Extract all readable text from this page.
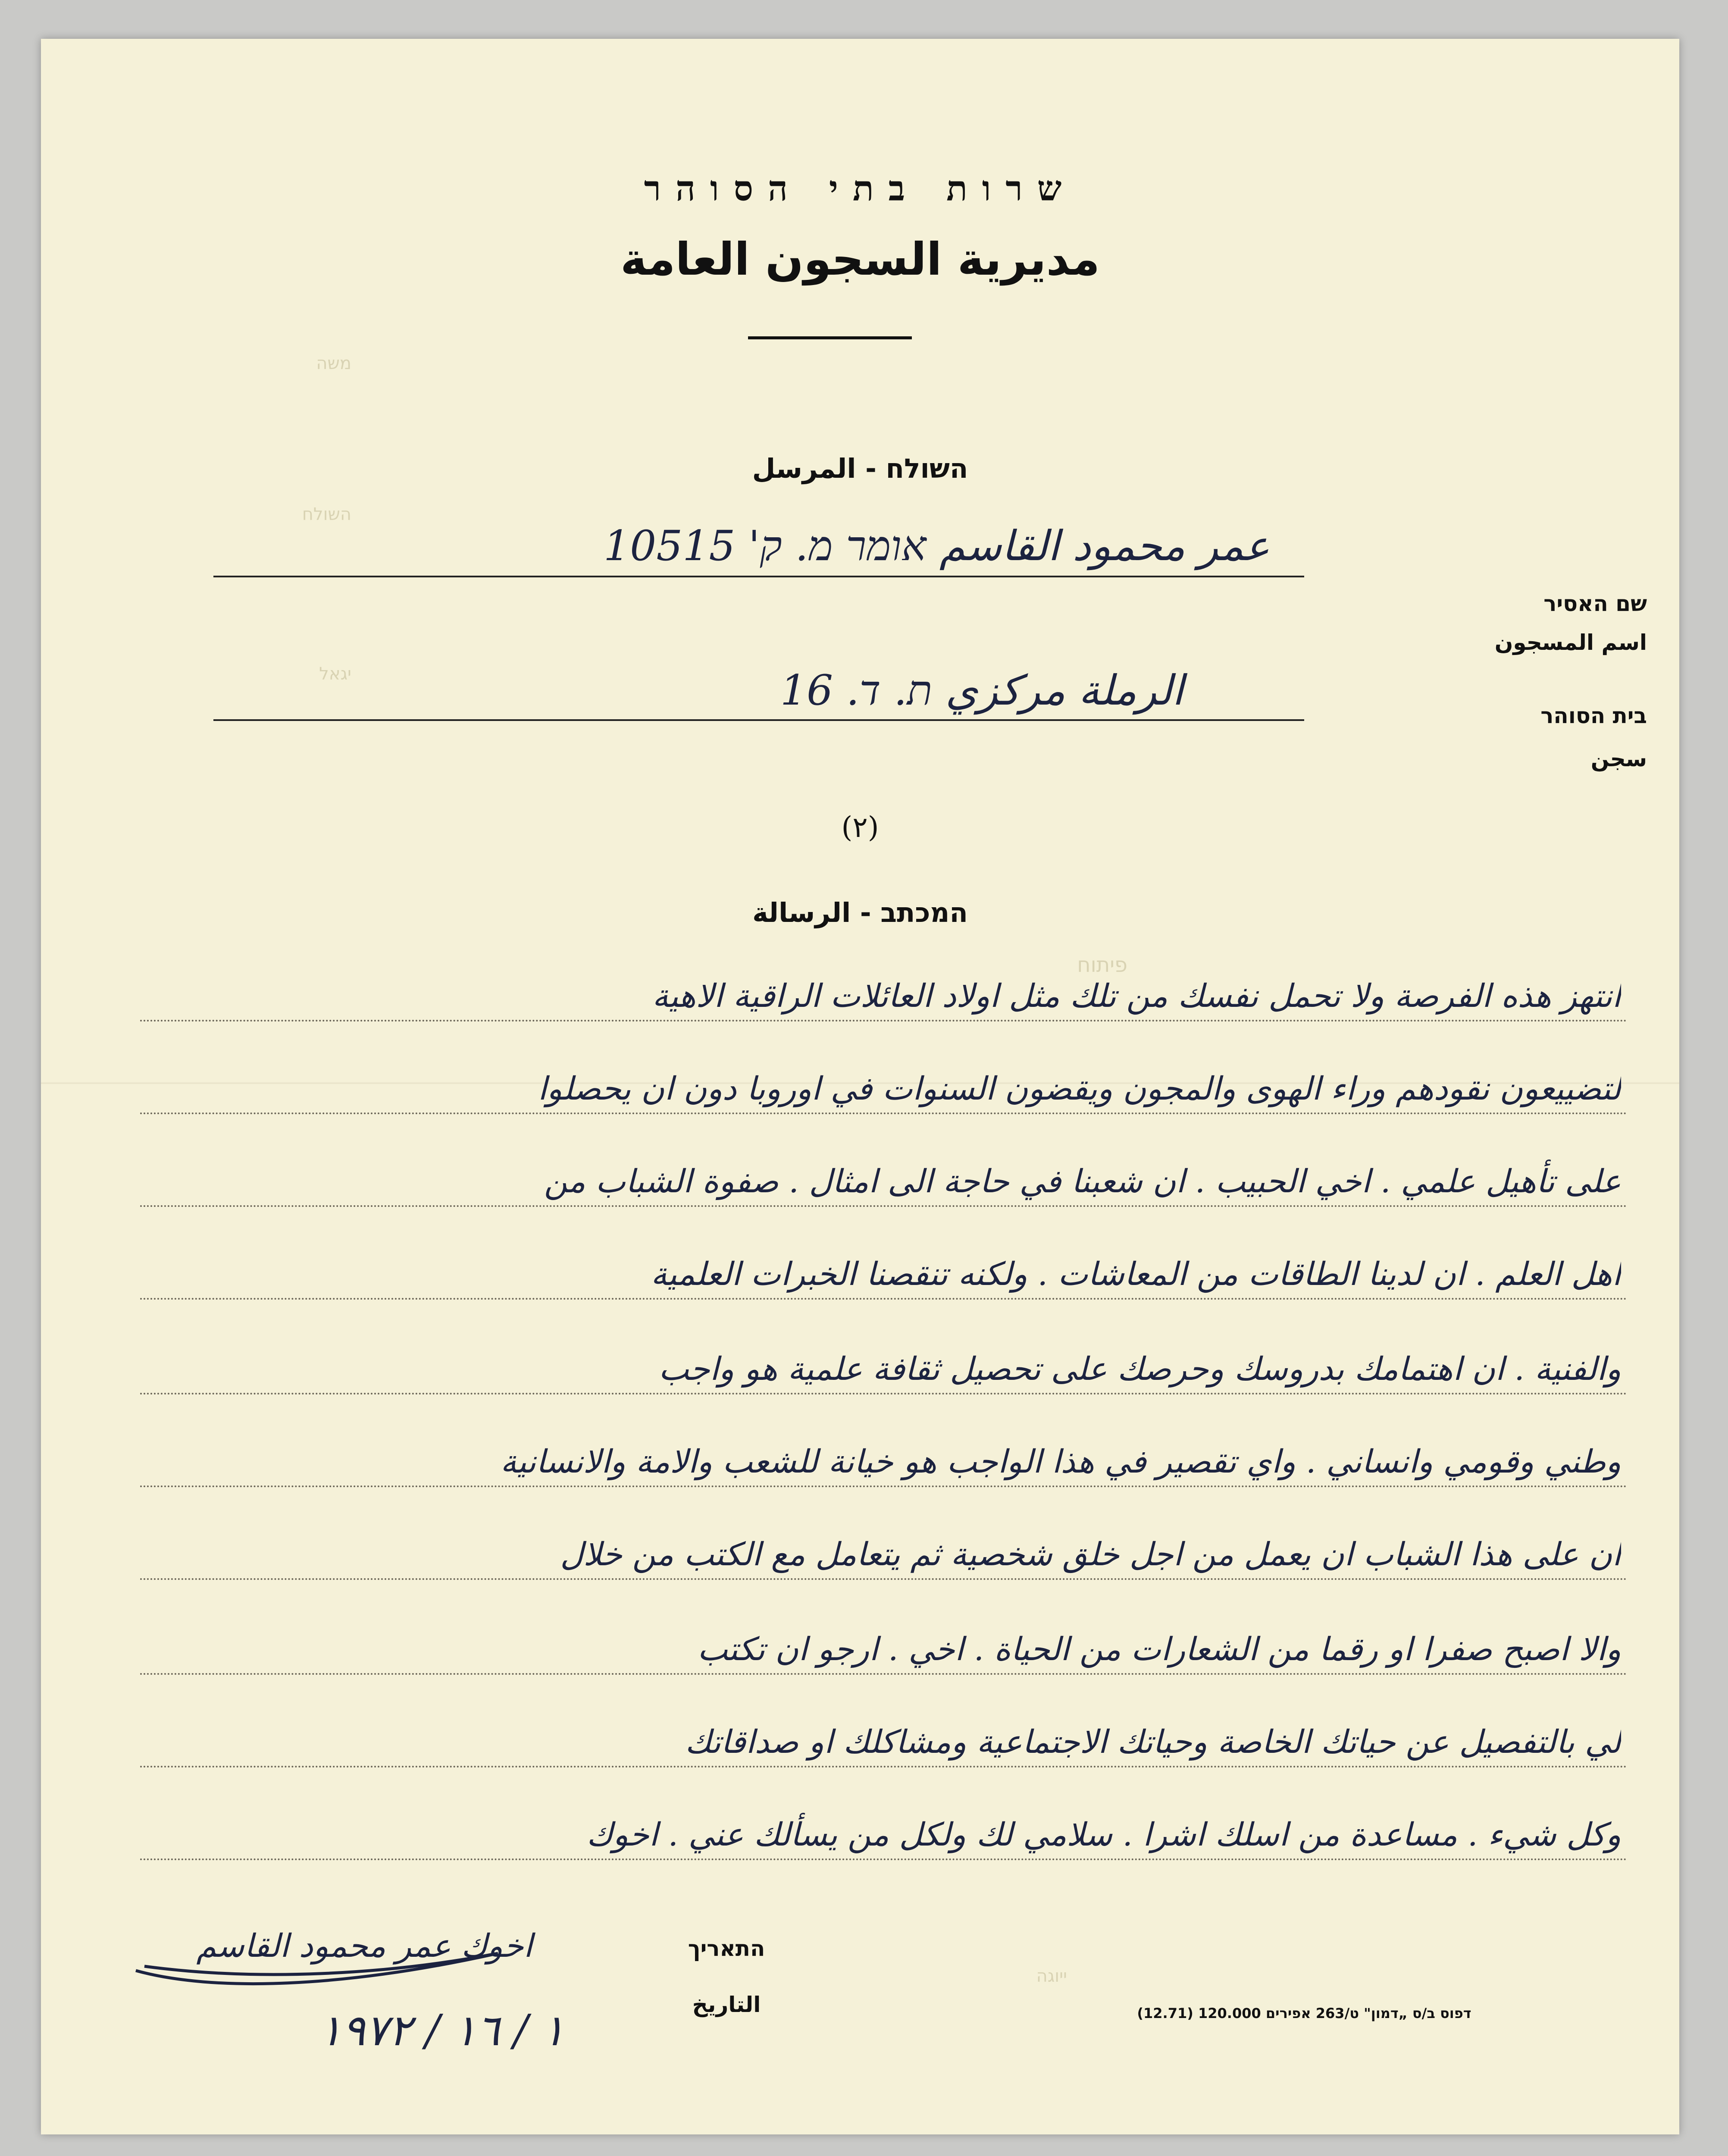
משה
השולח
יגאל
פיתוח
ייוגה
שרות בתי הסוהר
مديرية السجون العامة
השולח - المرسل
שם האסיר
اسم المسجون
عمر محمود القاسم אומר מ. ק' 10515
בית הסוהר
سجن
الرملة مركزي ת. ד. 16
(٢)
המכתב - الرسالة
انتهز هذه الفرصة ولا تحمل نفسك من تلك مثل اولاد العائلات الراقية الاهية
لتضييعون نقودهم وراء الهوى والمجون ويقضون السنوات في اوروبا دون ان يحصلوا
على تأهيل علمي . اخي الحبيب . ان شعبنا في حاجة الى امثال . صفوة الشباب من
اهل العلم . ان لدينا الطاقات من المعاشات . ولكنه تنقصنا الخبرات العلمية
والفنية . ان اهتمامك بدروسك وحرصك على تحصيل ثقافة علمية هو واجب
وطني وقومي وانساني . واي تقصير في هذا الواجب هو خيانة للشعب والامة والانسانية
ان على هذا الشباب ان يعمل من اجل خلق شخصية ثم يتعامل مع الكتب من خلال
والا اصبح صفرا او رقما من الشعارات من الحياة . اخي . ارجو ان تكتب
لي بالتفصيل عن حياتك الخاصة وحياتك الاجتماعية ومشاكلك او صداقاتك
وكل شيء . مساعدة من اسلك اشرا . سلامي لك ولكل من يسألك عني . اخوك
اخوك عمر محمود القاسم	התאריך
التاريخ
١ / ١٦ / ١٩٧٢	דפוס ב/ס „דמון" ט/263 אפירים 120.000 (12.71)
